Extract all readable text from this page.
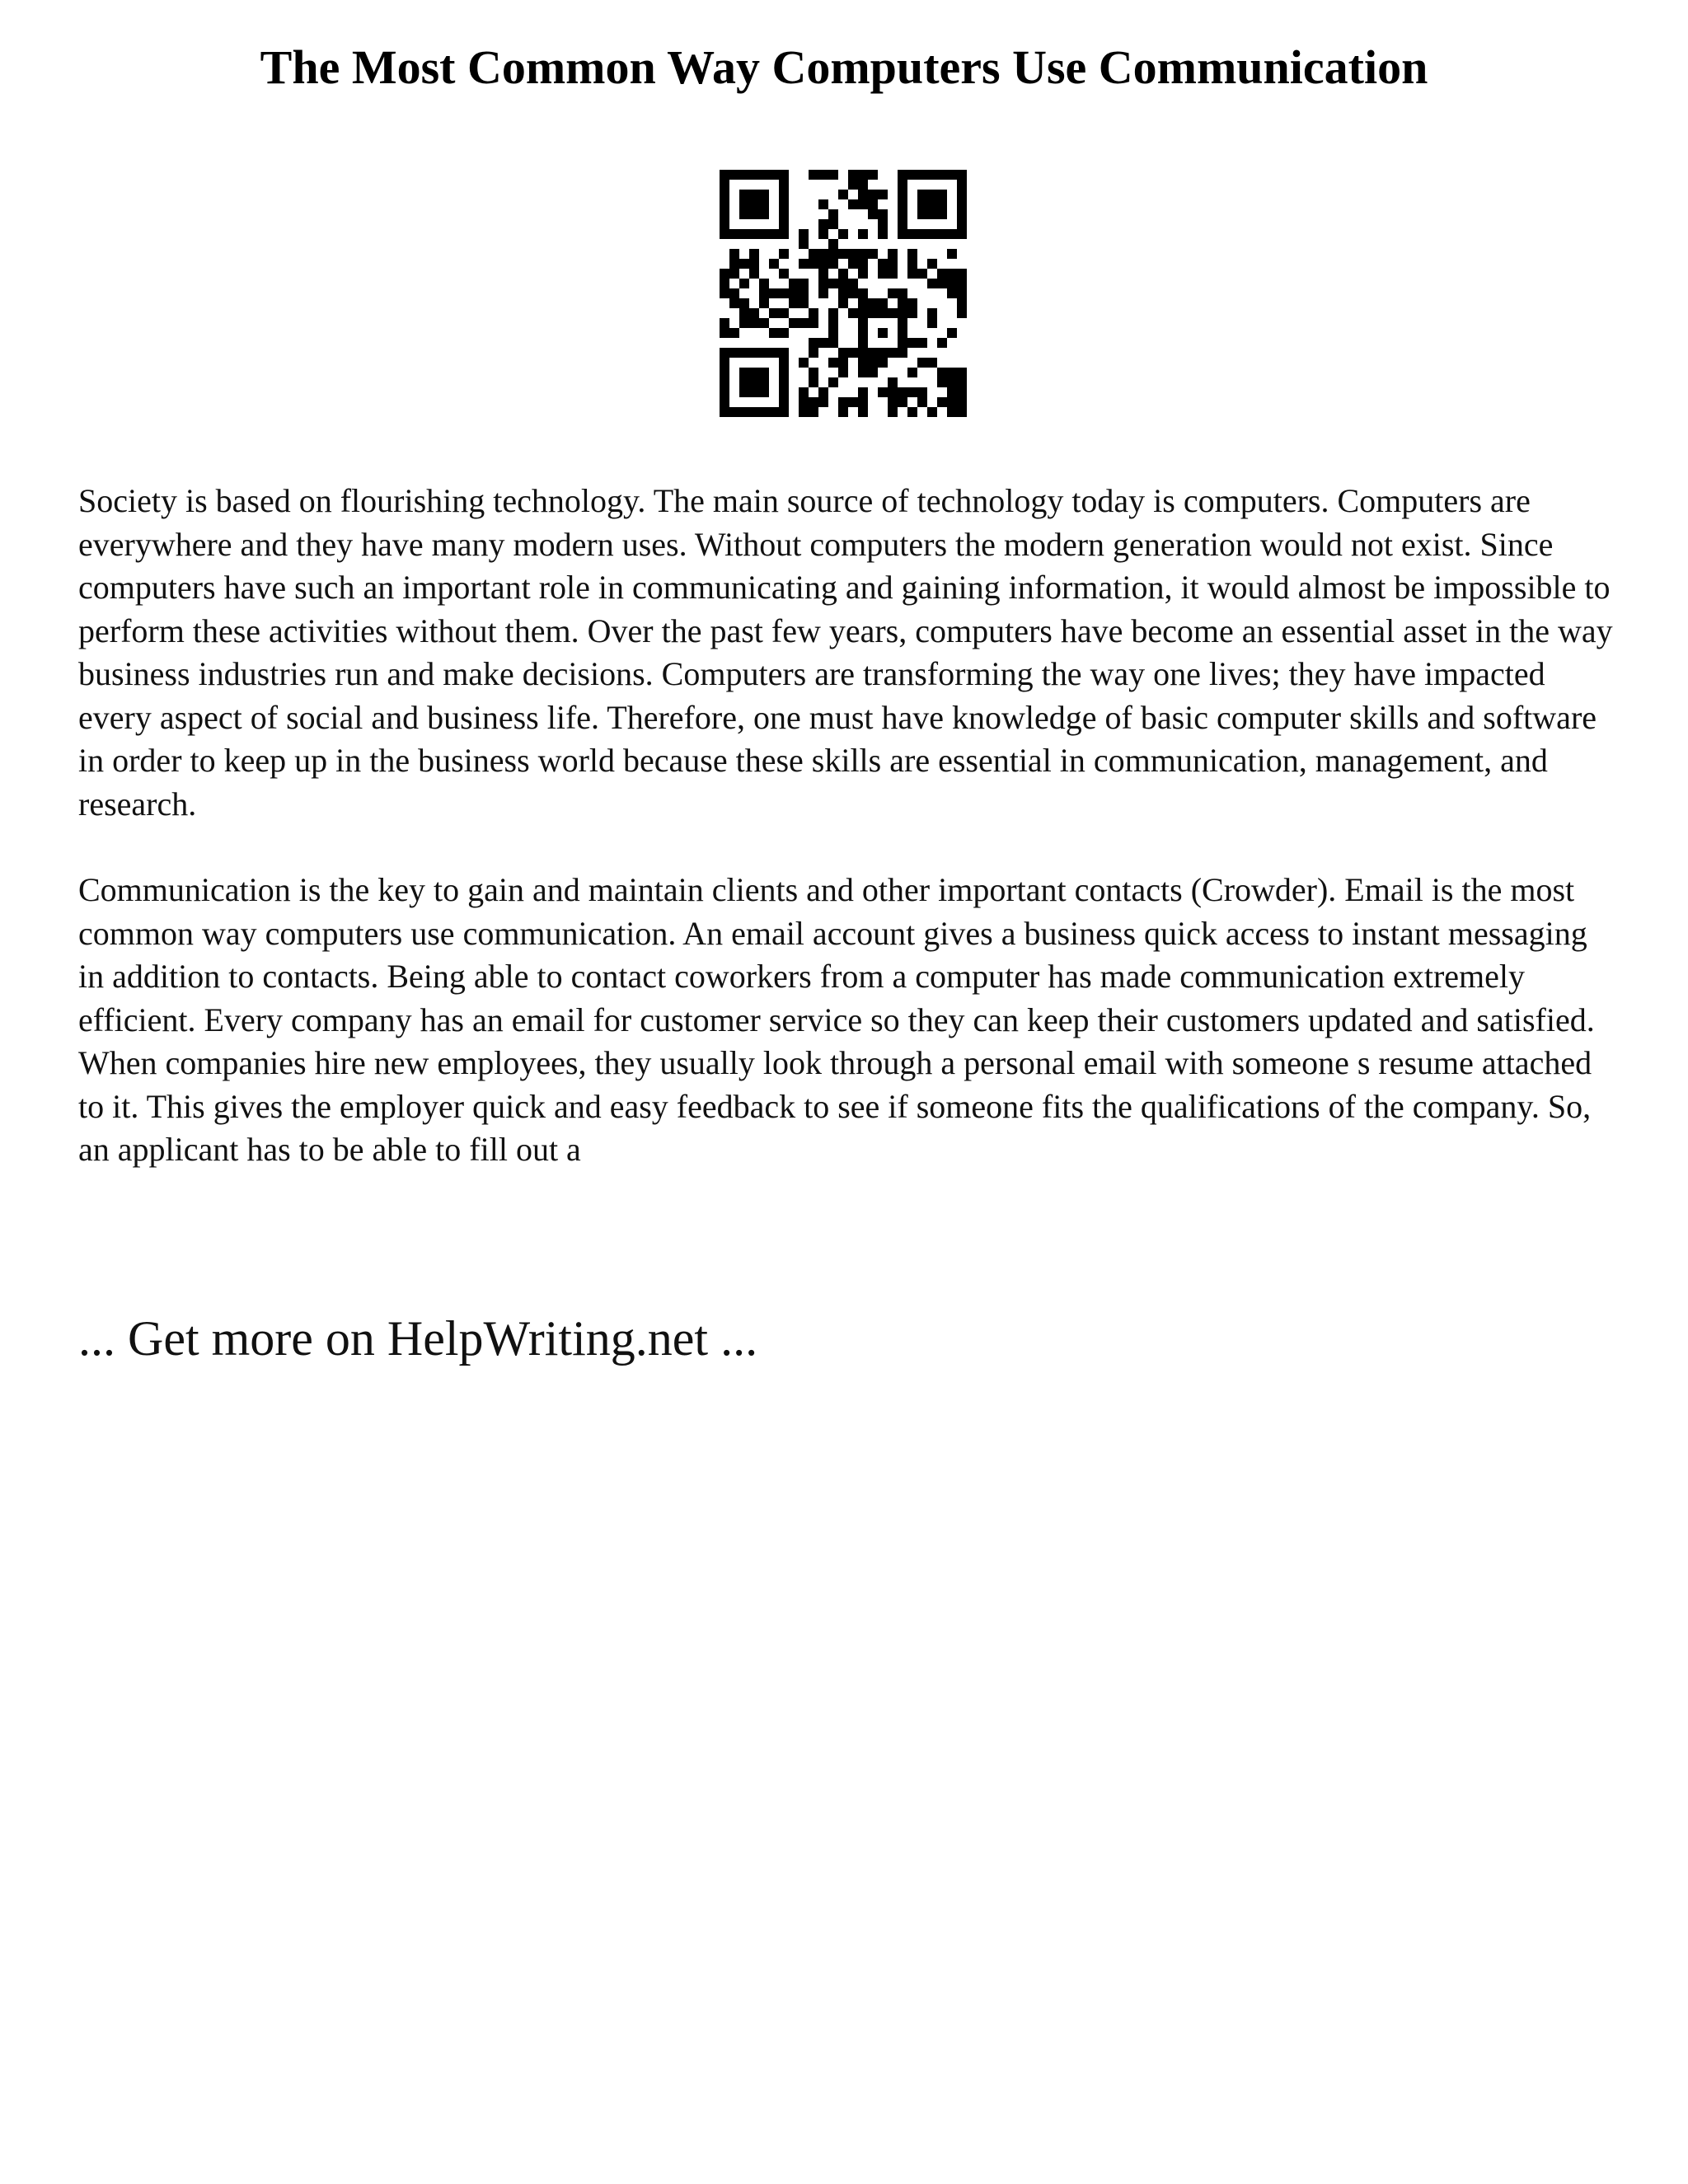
The Most Common Way Computers Use Communication

Society is based on flourishing technology. The main source of technology today is computers. Computers are everywhere and they have many modern uses. Without computers the modern generation would not exist. Since computers have such an important role in communicating and gaining information, it would almost be impossible to perform these activities without them. Over the past few years, computers have become an essential asset in the way business industries run and make decisions. Computers are transforming the way one lives; they have impacted every aspect of social and business life. Therefore, one must have knowledge of basic computer skills and software in order to keep up in the business world because these skills are essential in communication, management, and research.

Communication is the key to gain and maintain clients and other important contacts (Crowder). Email is the most common way computers use communication. An email account gives a business quick access to instant messaging in addition to contacts. Being able to contact coworkers from a computer has made communication extremely efficient. Every company has an email for customer service so they can keep their customers updated and satisfied. When companies hire new employees, they usually look through a personal email with someone s resume attached to it. This gives the employer quick and easy feedback to see if someone fits the qualifications of the company. So, an applicant has to be able to fill out a

... Get more on HelpWriting.net ...
